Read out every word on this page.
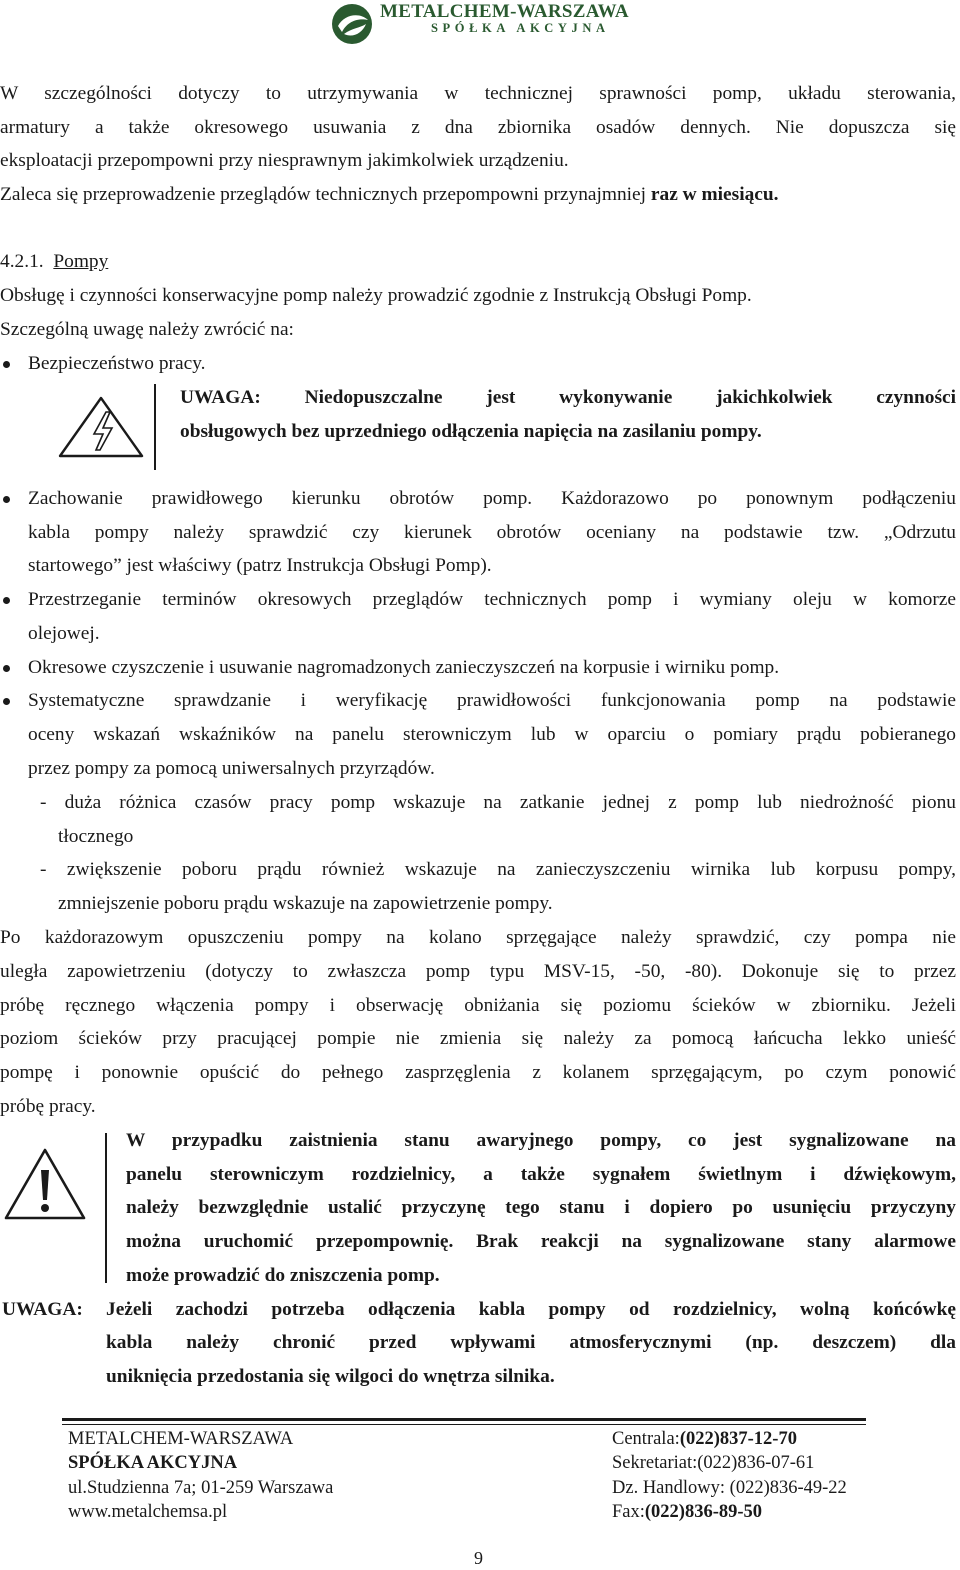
METALCHEM-WARSZAWA
SPÓŁKA AKCYJNA
W szczególności dotyczy to utrzymywania w technicznej sprawności pomp, układu sterowania,
armatury a także okresowego usuwania z dna zbiornika osadów dennych. Nie dopuszcza się
eksploatacji przepompowni przy niesprawnym jakimkolwiek urządzeniu.
Zaleca się przeprowadzenie przeglądów technicznych przepompowni przynajmniej raz w miesiącu.
4.2.1. Pompy
Obsługę i czynności konserwacyjne pomp należy prowadzić zgodnie z Instrukcją Obsługi Pomp.
Szczególną uwagę należy zwrócić na:
Bezpieczeństwo pracy.
UWAGA: Niedopuszczalne jest wykonywanie jakichkolwiek czynności
obsługowych bez uprzedniego odłączenia napięcia na zasilaniu pompy.
Zachowanie prawidłowego kierunku obrotów pomp. Każdorazowo po ponownym podłączeniu
kabla pompy należy sprawdzić czy kierunek obrotów oceniany na podstawie tzw. „Odrzutu
startowego” jest właściwy (patrz Instrukcja Obsługi Pomp).
Przestrzeganie terminów okresowych przeglądów technicznych pomp i wymiany oleju w komorze
olejowej.
Okresowe czyszczenie i usuwanie nagromadzonych zanieczyszczeń na korpusie i wirniku pomp.
Systematyczne sprawdzanie i weryfikację prawidłowości funkcjonowania pomp na podstawie
oceny wskazań wskaźników na panelu sterowniczym lub w oparciu o pomiary prądu pobieranego
przez pompy za pomocą uniwersalnych przyrządów.
- duża różnica czasów pracy pomp wskazuje na zatkanie jednej z pomp lub niedrożność pionu
tłocznego
- zwiększenie poboru prądu również wskazuje na zanieczyszczeniu wirnika lub korpusu pompy,
zmniejszenie poboru prądu wskazuje na zapowietrzenie pompy.
Po każdorazowym opuszczeniu pompy na kolano sprzęgające należy sprawdzić, czy pompa nie
uległa zapowietrzeniu (dotyczy to zwłaszcza pomp typu MSV-15, -50, -80). Dokonuje się to przez
próbę ręcznego włączenia pompy i obserwację obniżania się poziomu ścieków w zbiorniku. Jeżeli
poziom ścieków przy pracującej pompie nie zmienia się należy za pomocą łańcucha lekko unieść
pompę i ponownie opuścić do pełnego zasprzęglenia z kolanem sprzęgającym, po czym ponowić
próbę pracy.
W przypadku zaistnienia stanu awaryjnego pompy, co jest sygnalizowane na
panelu sterowniczym rozdzielnicy, a także sygnałem świetlnym i dźwiękowym,
należy bezwzględnie ustalić przyczynę tego stanu i dopiero po usunięciu przyczyny
można uruchomić przepompownię. Brak reakcji na sygnalizowane stany alarmowe
może prowadzić do zniszczenia pomp.
UWAGA: Jeżeli zachodzi potrzeba odłączenia kabla pompy od rozdzielnicy, wolną końcówkę
kabla należy chronić przed wpływami atmosferycznymi (np. deszczem) dla
uniknięcia przedostania się wilgoci do wnętrza silnika.
METALCHEM-WARSZAWA
SPÓŁKA AKCYJNA
ul.Studzienna 7a; 01-259 Warszawa
www.metalchemsa.pl
Centrala:(022)837-12-70
Sekretariat:(022)836-07-61
Dz. Handlowy: (022)836-49-22
Fax:(022)836-89-50
9
